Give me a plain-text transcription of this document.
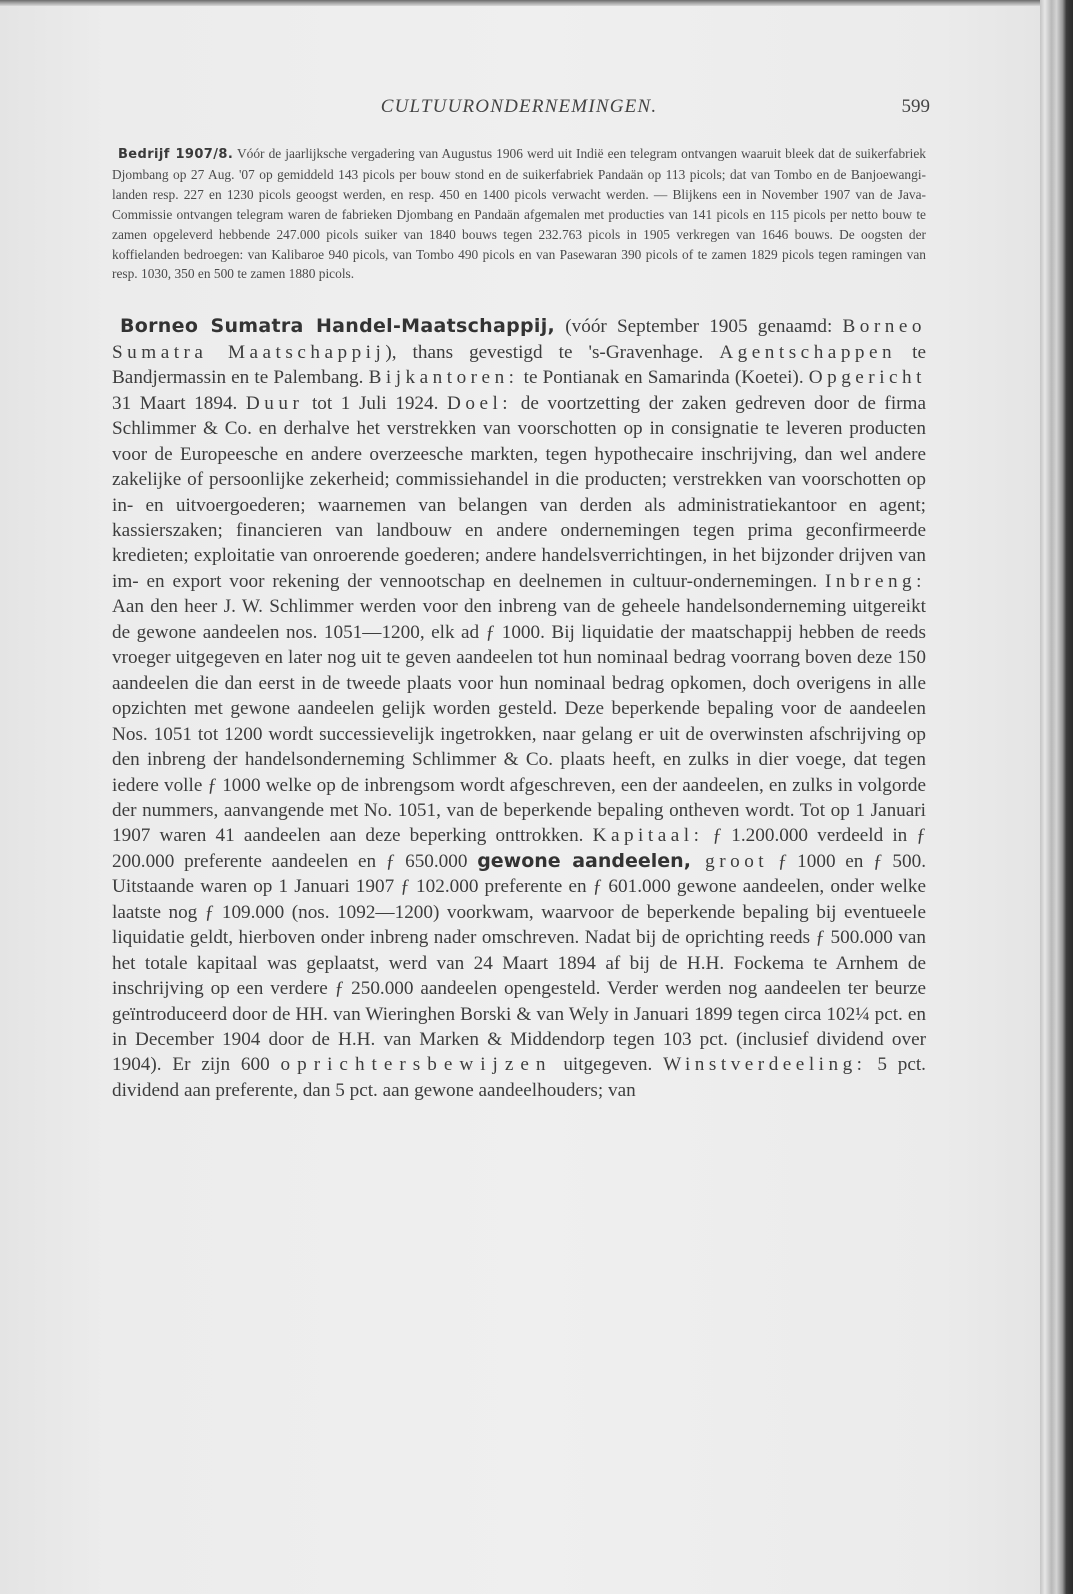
CULTUURONDERNEMINGEN.	599

Bedrijf 1907/8. Vóór de jaarlijksche vergadering van Augustus 1906 werd uit Indië een telegram ontvangen waaruit bleek dat de suikerfabriek Djombang op 27 Aug. '07 op gemiddeld 143 picols per bouw stond en de suikerfabriek Pandaän op 113 picols; dat van Tombo en de Banjoewangi-landen resp. 227 en 1230 picols geoogst werden, en resp. 450 en 1400 picols verwacht werden. — Blijkens een in November 1907 van de Java-Commissie ontvangen telegram waren de fabrieken Djombang en Pandaän afgemalen met producties van 141 picols en 115 picols per netto bouw te zamen opgeleverd hebbende 247.000 picols suiker van 1840 bouws tegen 232.763 picols in 1905 verkregen van 1646 bouws. De oogsten der koffielanden bedroegen: van Kalibaroe 940 picols, van Tombo 490 picols en van Pasewaran 390 picols of te zamen 1829 picols tegen ramingen van resp. 1030, 350 en 500 te zamen 1880 picols.

Borneo Sumatra Handel-Maatschappij, (vóór September 1905 genaamd: Borneo Sumatra Maatschappij), thans gevestigd te 's-Gravenhage. Agentschappen te Bandjermassin en te Palembang. Bijkantoren: te Pontianak en Samarinda (Koetei). Opgericht 31 Maart 1894. Duur tot 1 Juli 1924. Doel: de voortzetting der zaken gedreven door de firma Schlimmer & Co. en derhalve het verstrekken van voorschotten op in consignatie te leveren producten voor de Europeesche en andere overzeesche markten, tegen hypothecaire inschrijving, dan wel andere zakelijke of persoonlijke zekerheid; commissiehandel in die producten; verstrekken van voorschotten op in- en uitvoergoederen; waarnemen van belangen van derden als administratiekantoor en agent; kassierszaken; financieren van landbouw en andere ondernemingen tegen prima geconfirmeerde kredieten; exploitatie van onroerende goederen; andere handelsverrichtingen, in het bijzonder drijven van im- en export voor rekening der vennootschap en deelnemen in cultuur-ondernemingen. Inbreng: Aan den heer J. W. Schlimmer werden voor den inbreng van de geheele handelsonderneming uitgereikt de gewone aandeelen nos. 1051—1200, elk ad ƒ 1000. Bij liquidatie der maatschappij hebben de reeds vroeger uitgegeven en later nog uit te geven aandeelen tot hun nominaal bedrag voorrang boven deze 150 aandeelen die dan eerst in de tweede plaats voor hun nominaal bedrag opkomen, doch overigens in alle opzichten met gewone aandeelen gelijk worden gesteld. Deze beperkende bepaling voor de aandeelen Nos. 1051 tot 1200 wordt successievelijk ingetrokken, naar gelang er uit de overwinsten afschrijving op den inbreng der handelsonderneming Schlimmer & Co. plaats heeft, en zulks in dier voege, dat tegen iedere volle ƒ 1000 welke op de inbrengsom wordt afgeschreven, een der aandeelen, en zulks in volgorde der nummers, aanvangende met No. 1051, van de beperkende bepaling ontheven wordt. Tot op 1 Januari 1907 waren 41 aandeelen aan deze beperking onttrokken. Kapitaal: ƒ 1.200.000 verdeeld in ƒ 200.000 preferente aandeelen en ƒ 650.000 gewone aandeelen, groot ƒ 1000 en ƒ 500. Uitstaande waren op 1 Januari 1907 ƒ 102.000 preferente en ƒ 601.000 gewone aandeelen, onder welke laatste nog ƒ 109.000 (nos. 1092—1200) voorkwam, waarvoor de beperkende bepaling bij eventueele liquidatie geldt, hierboven onder inbreng nader omschreven. Nadat bij de oprichting reeds ƒ 500.000 van het totale kapitaal was geplaatst, werd van 24 Maart 1894 af bij de H.H. Fockema te Arnhem de inschrijving op een verdere ƒ 250.000 aandeelen opengesteld. Verder werden nog aandeelen ter beurze geïntroduceerd door de HH. van Wieringhen Borski & van Wely in Januari 1899 tegen circa 102¼ pct. en in December 1904 door de H.H. van Marken & Middendorp tegen 103 pct. (inclusief dividend over 1904). Er zijn 600 oprichtersbewijzen uitgegeven. Winstverdeeling: 5 pct. dividend aan preferente, dan 5 pct. aan gewone aandeelhouders; van
